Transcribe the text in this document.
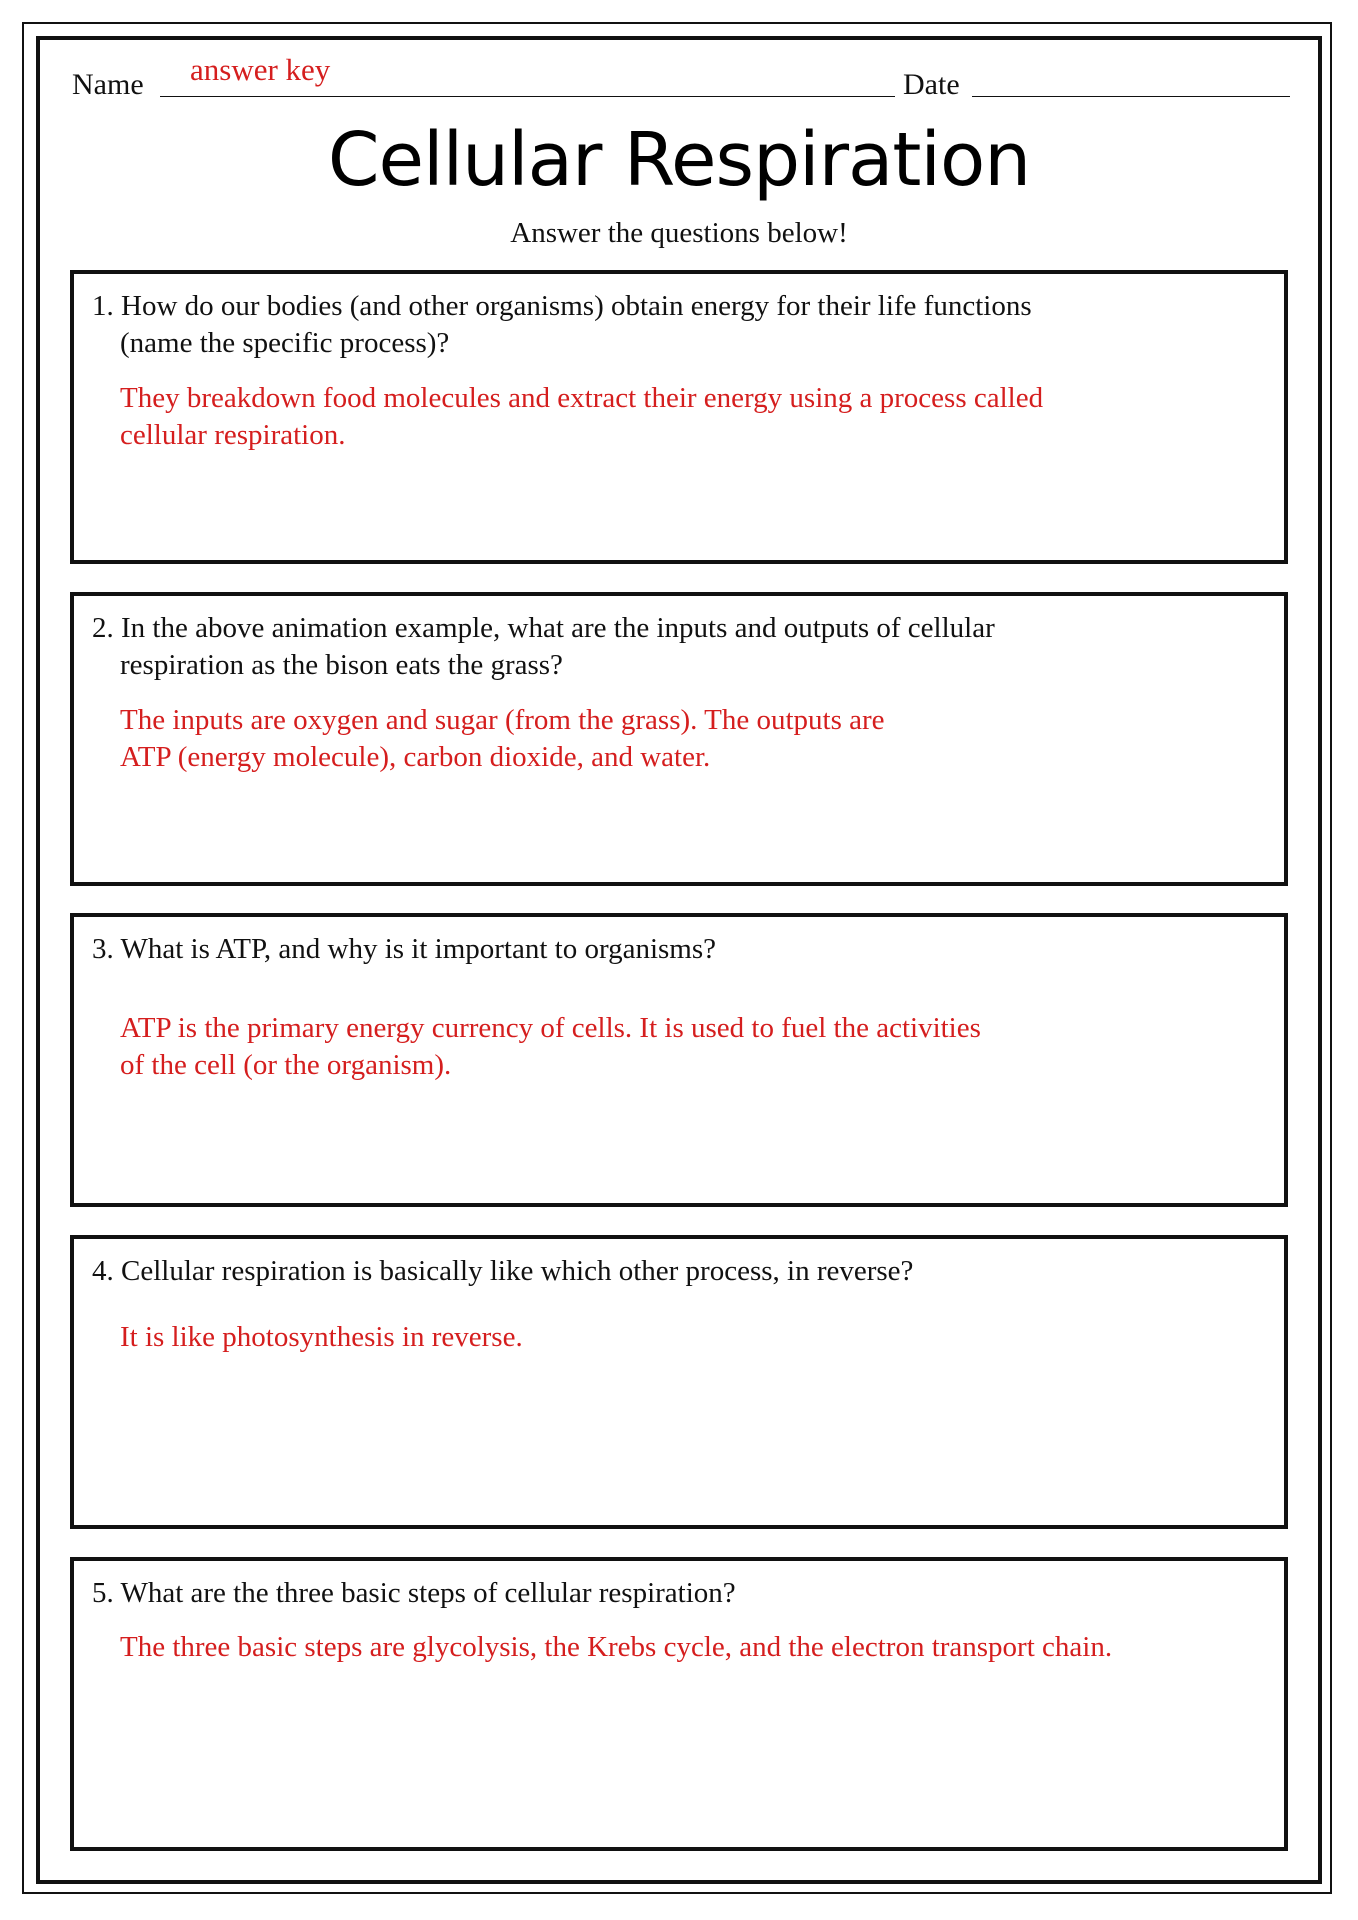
Name answer key	Date
Cellular Respiration
Answer the questions below!
1. How do our bodies (and other organisms) obtain energy for their life functions
(name the specific process)?
They breakdown food molecules and extract their energy using a process called
cellular respiration.
2. In the above animation example, what are the inputs and outputs of cellular
respiration as the bison eats the grass?
The inputs are oxygen and sugar (from the grass). The outputs are
ATP (energy molecule), carbon dioxide, and water.
3. What is ATP, and why is it important to organisms?
ATP is the primary energy currency of cells. It is used to fuel the activities
of the cell (or the organism).
4. Cellular respiration is basically like which other process, in reverse?
It is like photosynthesis in reverse.
5. What are the three basic steps of cellular respiration?
The three basic steps are glycolysis, the Krebs cycle, and the electron transport chain.
